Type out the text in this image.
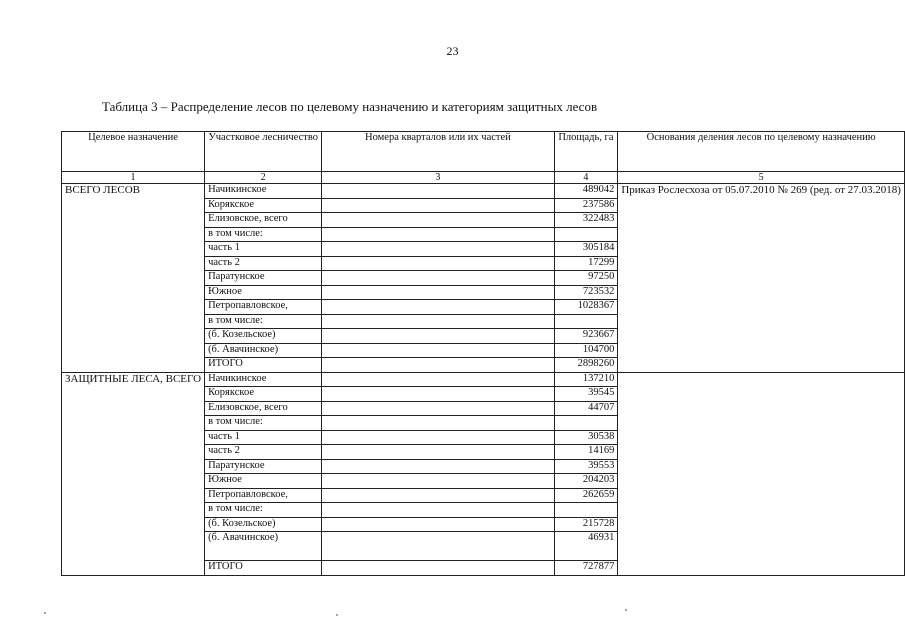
23
Таблица 3 – Распределение лесов по целевому назначению и категориям защитных лесов
Целевое назначение	Участковое лесничество	Номера кварталов или их частей	Площадь, га	Основания деления лесов по целевому назначению
1	2	3	4	5
ВСЕГО ЛЕСОВ	Начикинское		489042	Приказ Рослесхоза от 05.07.2010 № 269 (ред. от 27.03.2018)
	Корякское		237586	
	Елизовское, всего		322483	
	в том числе:			
	часть 1		305184	
	часть 2		17299	
	Паратунское		97250	
	Южное		723532	
	Петропавловское,		1028367	
	в том числе:			
	(б. Козельское)		923667	
	(б. Авачинское)		104700	
	ИТОГО		2898260	
ЗАЩИТНЫЕ ЛЕСА, ВСЕГО	Начикинское		137210	
	Корякское		39545	
	Елизовское, всего		44707	
	в том числе:			
	часть 1		30538	
	часть 2		14169	
	Паратунское		39553	
	Южное		204203	
	Петропавловское,		262659	
	в том числе:			
	(б. Козельское)		215728	
	(б. Авачинское)		46931	
	ИТОГО		727877	
